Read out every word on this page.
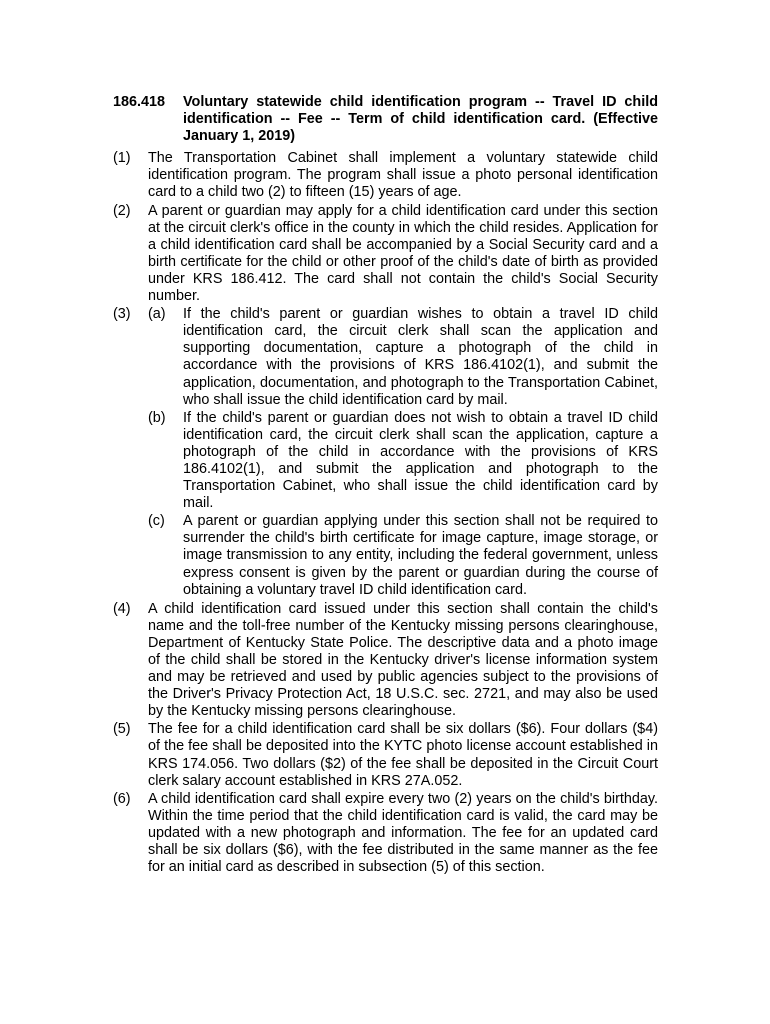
186.418	Voluntary statewide child identification program -- Travel ID child identification -- Fee -- Term of child identification card. (Effective January 1, 2019)
(1)	The Transportation Cabinet shall implement a voluntary statewide child identification program. The program shall issue a photo personal identification card to a child two (2) to fifteen (15) years of age.
(2)	A parent or guardian may apply for a child identification card under this section at the circuit clerk's office in the county in which the child resides. Application for a child identification card shall be accompanied by a Social Security card and a birth certificate for the child or other proof of the child's date of birth as provided under KRS 186.412. The card shall not contain the child's Social Security number.
(3)	(a)	If the child's parent or guardian wishes to obtain a travel ID child identification card, the circuit clerk shall scan the application and supporting documentation, capture a photograph of the child in accordance with the provisions of KRS 186.4102(1), and submit the application, documentation, and photograph to the Transportation Cabinet, who shall issue the child identification card by mail.
(b)	If the child's parent or guardian does not wish to obtain a travel ID child identification card, the circuit clerk shall scan the application, capture a photograph of the child in accordance with the provisions of KRS 186.4102(1), and submit the application and photograph to the Transportation Cabinet, who shall issue the child identification card by mail.
(c)	A parent or guardian applying under this section shall not be required to surrender the child's birth certificate for image capture, image storage, or image transmission to any entity, including the federal government, unless express consent is given by the parent or guardian during the course of obtaining a voluntary travel ID child identification card.
(4)	A child identification card issued under this section shall contain the child's name and the toll-free number of the Kentucky missing persons clearinghouse, Department of Kentucky State Police. The descriptive data and a photo image of the child shall be stored in the Kentucky driver's license information system and may be retrieved and used by public agencies subject to the provisions of the Driver's Privacy Protection Act, 18 U.S.C. sec. 2721, and may also be used by the Kentucky missing persons clearinghouse.
(5)	The fee for a child identification card shall be six dollars ($6). Four dollars ($4) of the fee shall be deposited into the KYTC photo license account established in KRS 174.056. Two dollars ($2) of the fee shall be deposited in the Circuit Court clerk salary account established in KRS 27A.052.
(6)	A child identification card shall expire every two (2) years on the child's birthday. Within the time period that the child identification card is valid, the card may be updated with a new photograph and information. The fee for an updated card shall be six dollars ($6), with the fee distributed in the same manner as the fee for an initial card as described in subsection (5) of this section.
